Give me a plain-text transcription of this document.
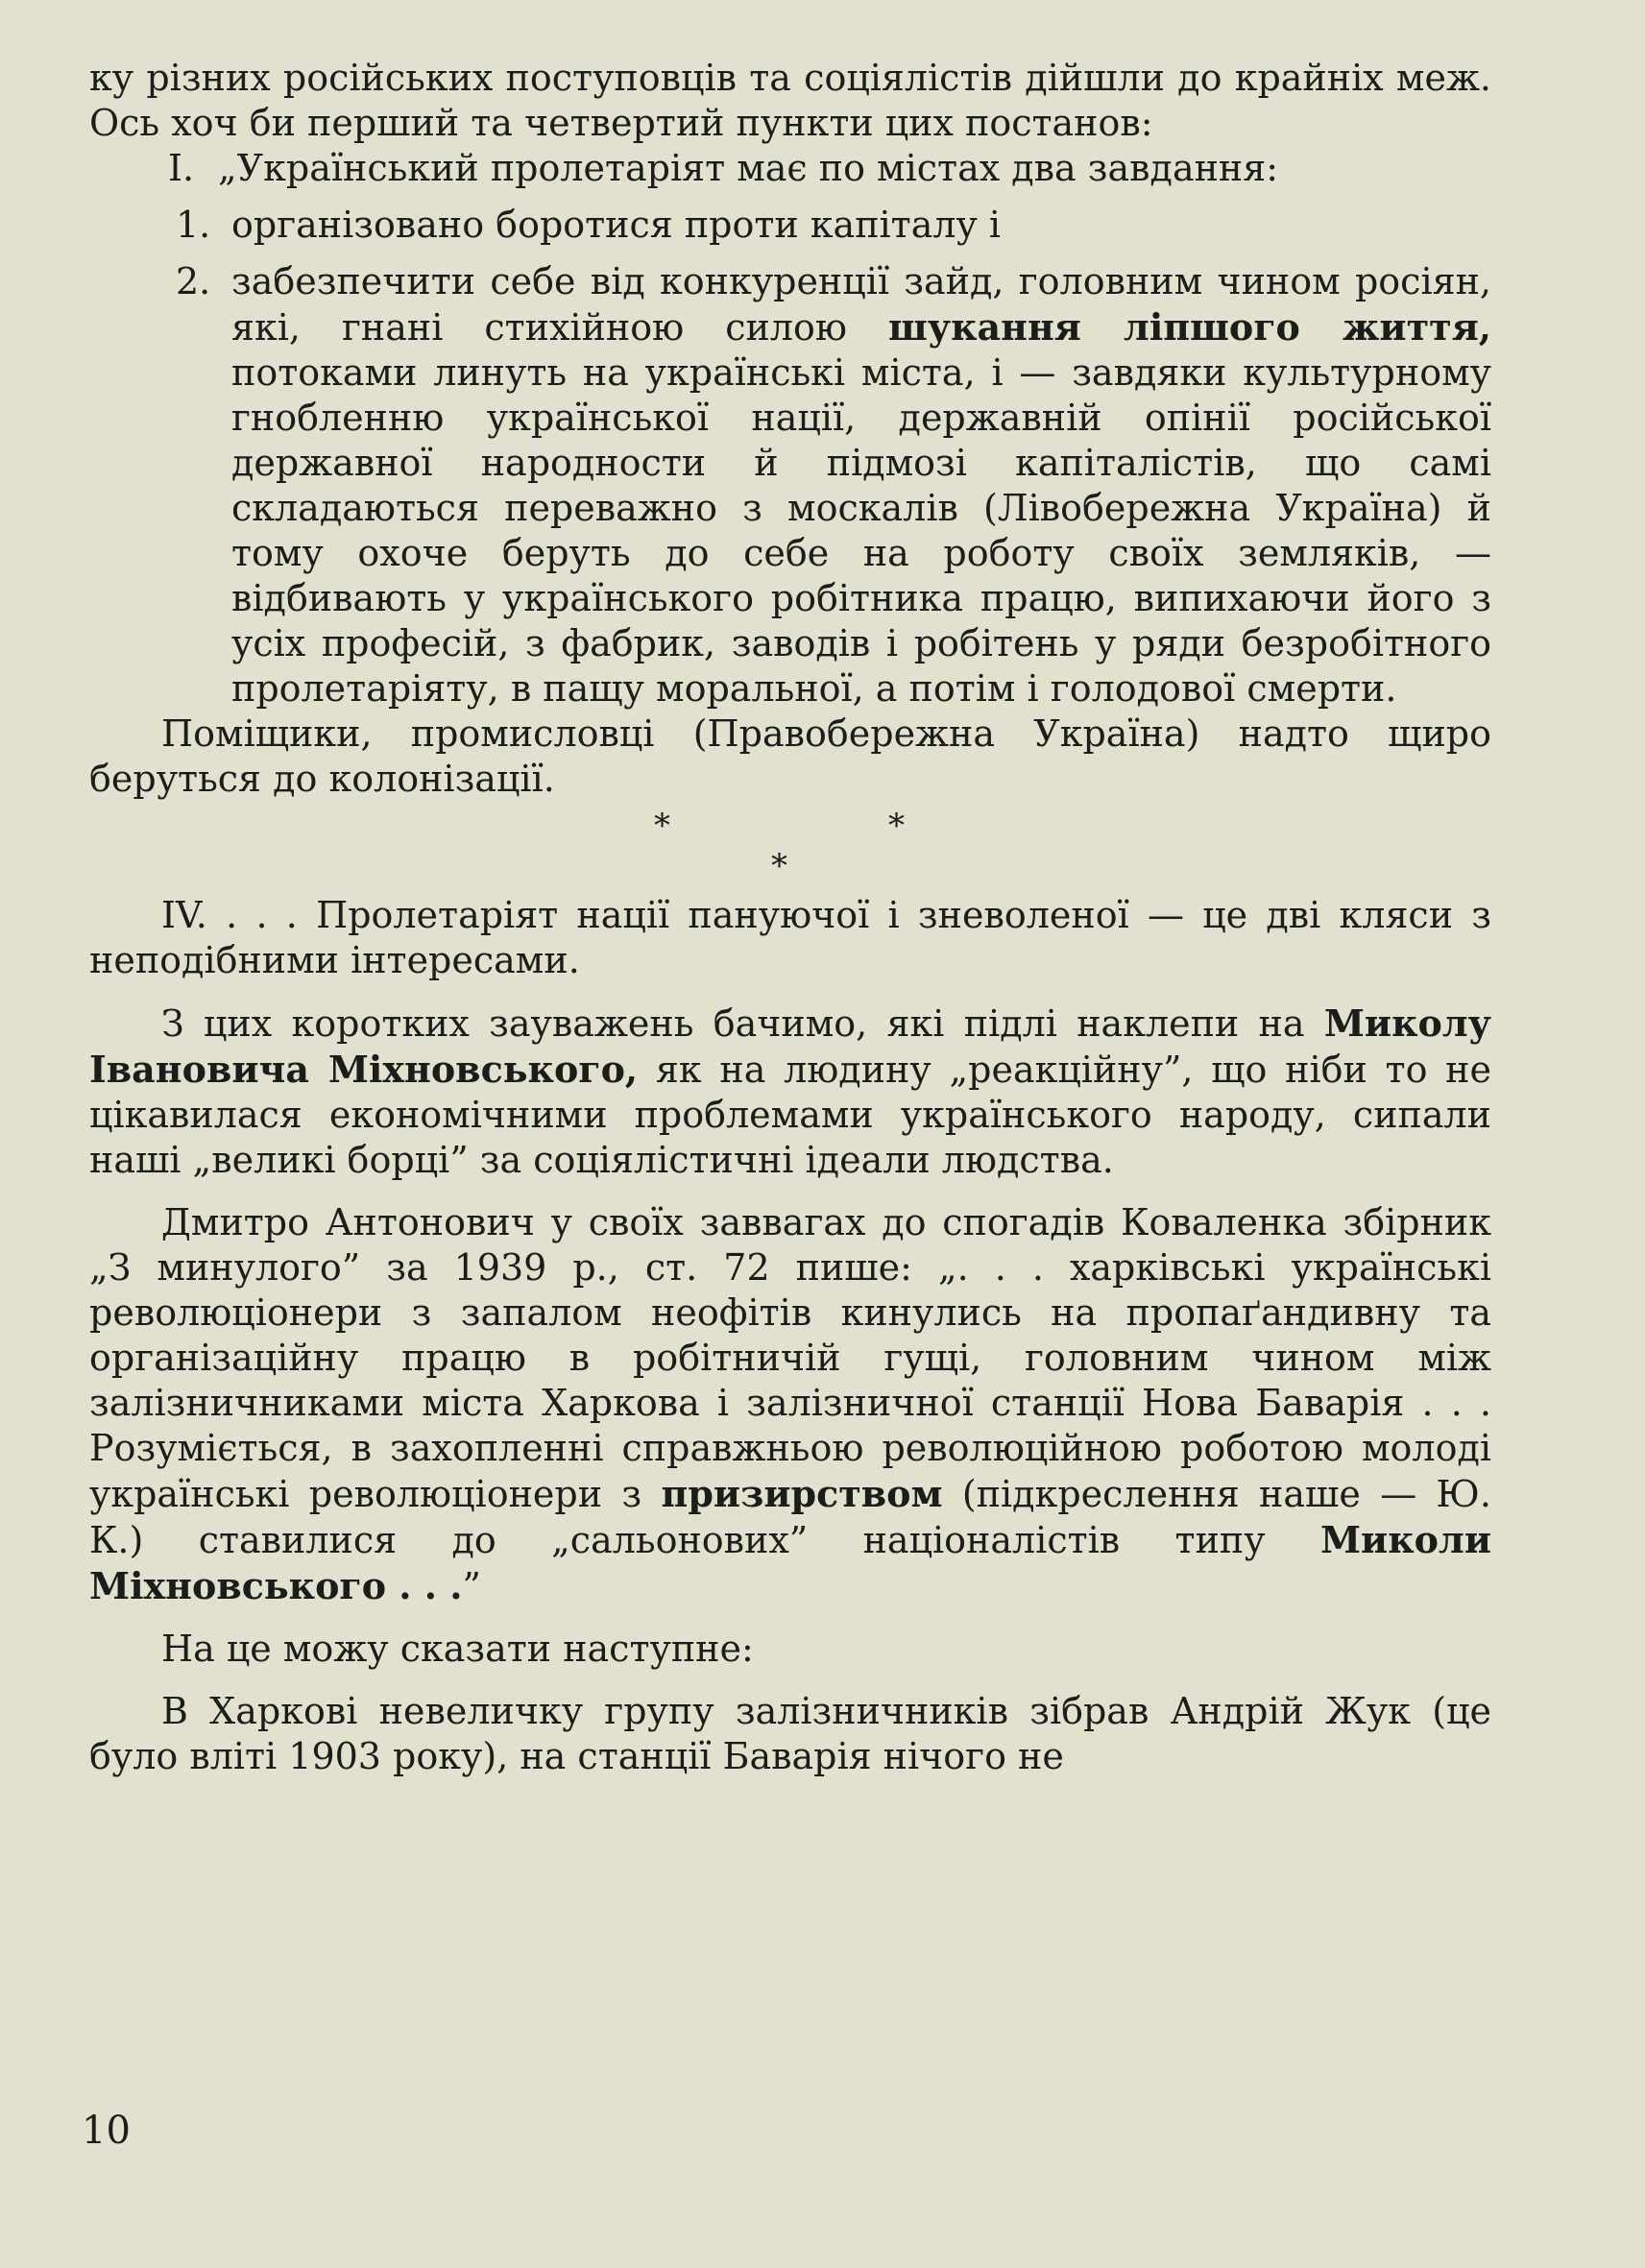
ку різних російських поступовців та соціялістів дійшли до крайніх меж. Ось хоч би перший та четвертий пункти цих постанов:

I. „Український пролетаріят має по містах два завдання:

1. організовано боротися проти капіталу і

2. забезпечити себе від конкуренції зайд, головним чином росіян, які, гнані стихійною силою шукання ліпшого життя, потоками линуть на українські міста, і — завдяки культурному гнобленню української нації, державній опінії російської державної народности й підмозі капіталістів, що самі складаються переважно з москалів (Лівобережна Україна) й тому охоче беруть до себе на роботу своїх земляків, — відбивають у українського робітника працю, випихаючи його з усіх професій, з фабрик, заводів і робітень у ряди безробітного пролетаріяту, в пащу моральної, а потім і голодової смерти.

Поміщики, промисловці (Правобережна Україна) надто щиро беруться до колонізації.

*	*
*

IV. . . . Пролетаріят нації пануючої і зневоленої — це дві кляси з неподібними інтересами.

З цих коротких зауважень бачимо, які підлі наклепи на Миколу Івановича Міхновського, як на людину „реакційну”, що ніби то не цікавилася економічними проблемами українського народу, сипали наші „великі борці” за соціялістичні ідеали людства.

Дмитро Антонович у своїх заввагах до спогадів Коваленка збірник „З минулого” за 1939 р., ст. 72 пише: „. . . харківські українські революціонери з запалом неофітів кинулись на пропаґандивну та організаційну працю в робітничій гущі, головним чином між залізничниками міста Харкова і залізничної станції Нова Баварія . . . Розуміється, в захопленні справжньою революційною роботою молоді українські революціонери з призирством (підкреслення наше — Ю. К.) ставилися до „сальонових” націоналістів типу Миколи Міхновського . . .”

На це можу сказати наступне:

В Харкові невеличку групу залізничників зібрав Андрій Жук (це було вліті 1903 року), на станції Баварія нічого не

10
